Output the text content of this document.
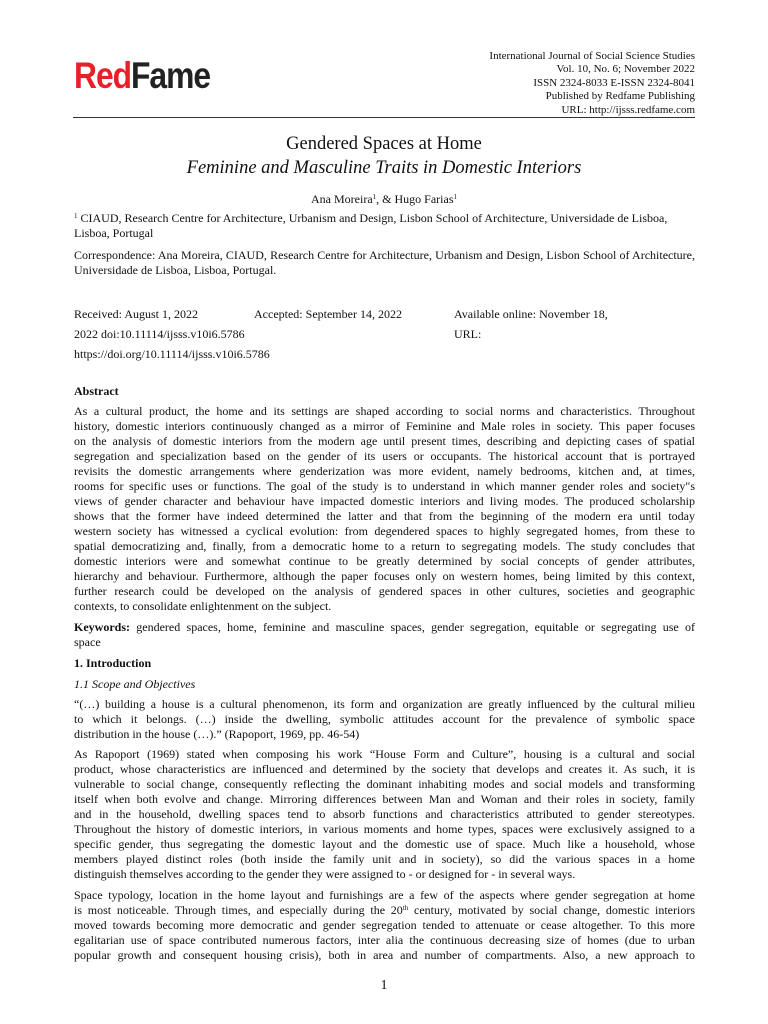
RedFame	International Journal of Social Science Studies
Vol. 10, No. 6; November 2022
ISSN 2324-8033 E-ISSN 2324-8041
Published by Redfame Publishing
URL: http://ijsss.redfame.com
Gendered Spaces at Home
Feminine and Masculine Traits in Domestic Interiors
Ana Moreira$^1$, & Hugo Farias$^1$
$^1$ CIAUD, Research Centre for Architecture, Urbanism and Design, Lisbon School of Architecture, Universidade de Lisboa, Lisboa, Portugal
Correspondence: Ana Moreira, CIAUD, Research Centre for Architecture, Urbanism and Design, Lisbon School of Architecture, Universidade de Lisboa, Lisboa, Portugal.
Received: August 1, 2022	Accepted: September 14, 2022	Available online: November 18,
2022 doi:10.11114/ijsss.v10i6.5786	URL:
https://doi.org/10.11114/ijsss.v10i6.5786
Abstract
As a cultural product, the home and its settings are shaped according to social norms and characteristics. Throughout
history, domestic interiors continuously changed as a mirror of Feminine and Male roles in society. This paper focuses
on the analysis of domestic interiors from the modern age until present times, describing and depicting cases of spatial
segregation and specialization based on the gender of its users or occupants. The historical account that is portrayed
revisits the domestic arrangements where genderization was more evident, namely bedrooms, kitchen and, at times,
rooms for specific uses or functions. The goal of the study is to understand in which manner gender roles and society"s
views of gender character and behaviour have impacted domestic interiors and living modes. The produced scholarship
shows that the former have indeed determined the latter and that from the beginning of the modern era until today
western society has witnessed a cyclical evolution: from degendered spaces to highly segregated homes, from these to
spatial democratizing and, finally, from a democratic home to a return to segregating models. The study concludes that
domestic interiors were and somewhat continue to be greatly determined by social concepts of gender attributes,
hierarchy and behaviour. Furthermore, although the paper focuses only on western homes, being limited by this context,
further research could be developed on the analysis of gendered spaces in other cultures, societies and geographic
contexts, to consolidate enlightenment on the subject.
Keywords: gendered spaces, home, feminine and masculine spaces, gender segregation, equitable or segregating use of
space
1. Introduction
1.1 Scope and Objectives
“(…) building a house is a cultural phenomenon, its form and organization are greatly influenced by the cultural milieu
to which it belongs. (…) inside the dwelling, symbolic attitudes account for the prevalence of symbolic space
distribution in the house (…).” (Rapoport, 1969, pp. 46-54)
As Rapoport (1969) stated when composing his work “House Form and Culture”, housing is a cultural and social
product, whose characteristics are influenced and determined by the society that develops and creates it. As such, it is
vulnerable to social change, consequently reflecting the dominant inhabiting modes and social models and transforming
itself when both evolve and change. Mirroring differences between Man and Woman and their roles in society, family
and in the household, dwelling spaces tend to absorb functions and characteristics attributed to gender stereotypes.
Throughout the history of domestic interiors, in various moments and home types, spaces were exclusively assigned to a
specific gender, thus segregating the domestic layout and the domestic use of space. Much like a household, whose
members played distinct roles (both inside the family unit and in society), so did the various spaces in a home
distinguish themselves according to the gender they were assigned to - or designed for - in several ways.
Space typology, location in the home layout and furnishings are a few of the aspects where gender segregation at home
is most noticeable. Through times, and especially during the 20th century, motivated by social change, domestic interiors
moved towards becoming more democratic and gender segregation tended to attenuate or cease altogether. To this more
egalitarian use of space contributed numerous factors, inter alia the continuous decreasing size of homes (due to urban
popular growth and consequent housing crisis), both in area and number of compartments. Also, a new approach to
1
